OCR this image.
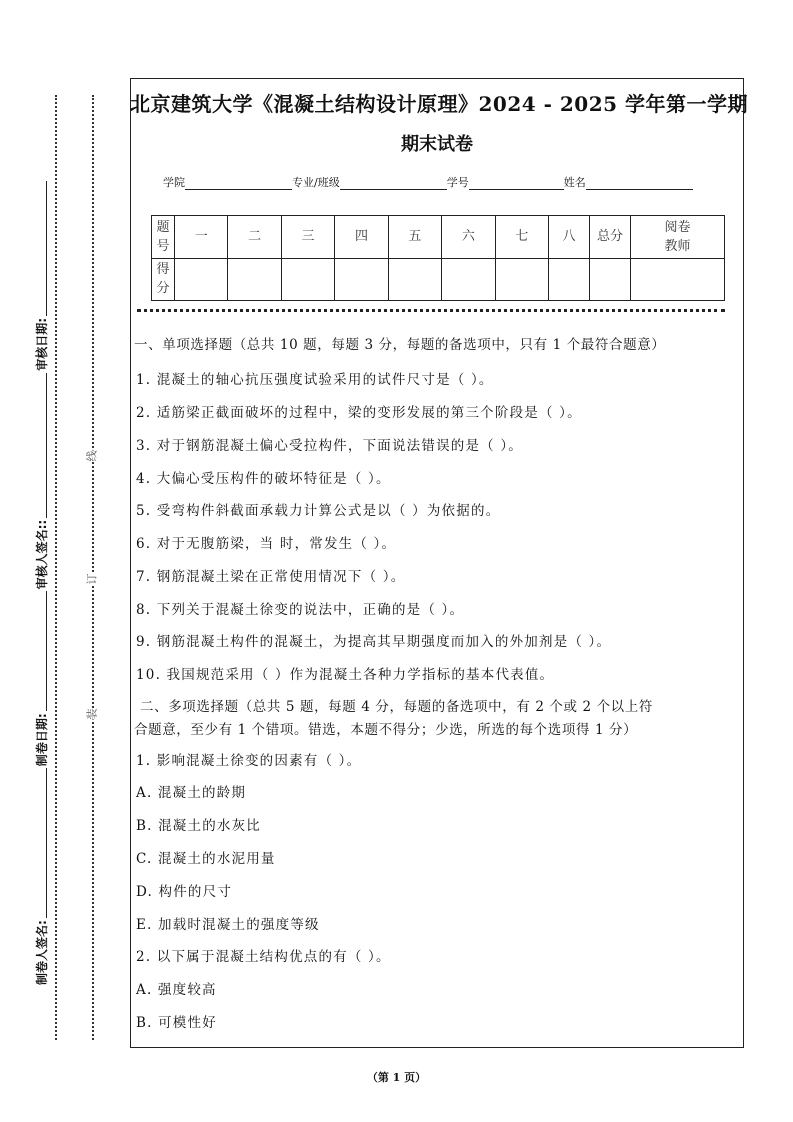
制卷人签名:
制卷日期:
审核人签名::
审核日期:
装
订
线
北京建筑大学《混凝土结构设计原理》2024 - 2025 学年第一学期
期末试卷
学院	专业/班级	学号	姓名
题号	一	二	三	四	五	六	七	八	总分	阅卷教师
得分										
一、单项选择题（总共 10 题，每题 3 分，每题的备选项中，只有 1 个最符合题意）
1. 混凝土的轴心抗压强度试验采用的试件尺寸是（ ）。
2. 适筋梁正截面破坏的过程中，梁的变形发展的第三个阶段是（ ）。
3. 对于钢筋混凝土偏心受拉构件，下面说法错误的是（ ）。
4. 大偏心受压构件的破坏特征是（ ）。
5. 受弯构件斜截面承载力计算公式是以（ ）为依据的。
6. 对于无腹筋梁，当 时，常发生（ ）。
7. 钢筋混凝土梁在正常使用情况下（ ）。
8. 下列关于混凝土徐变的说法中，正确的是（ ）。
9. 钢筋混凝土构件的混凝土，为提高其早期强度而加入的外加剂是（ ）。
10. 我国规范采用（ ）作为混凝土各种力学指标的基本代表值。
二、多项选择题（总共 5 题，每题 4 分，每题的备选项中，有 2 个或 2 个以上符
合题意，至少有 1 个错项。错选，本题不得分；少选，所选的每个选项得 1 分）
1. 影响混凝土徐变的因素有（ ）。
A. 混凝土的龄期
B. 混凝土的水灰比
C. 混凝土的水泥用量
D. 构件的尺寸
E. 加载时混凝土的强度等级
2. 以下属于混凝土结构优点的有（ ）。
A. 强度较高
B. 可模性好
（第 1 页）
